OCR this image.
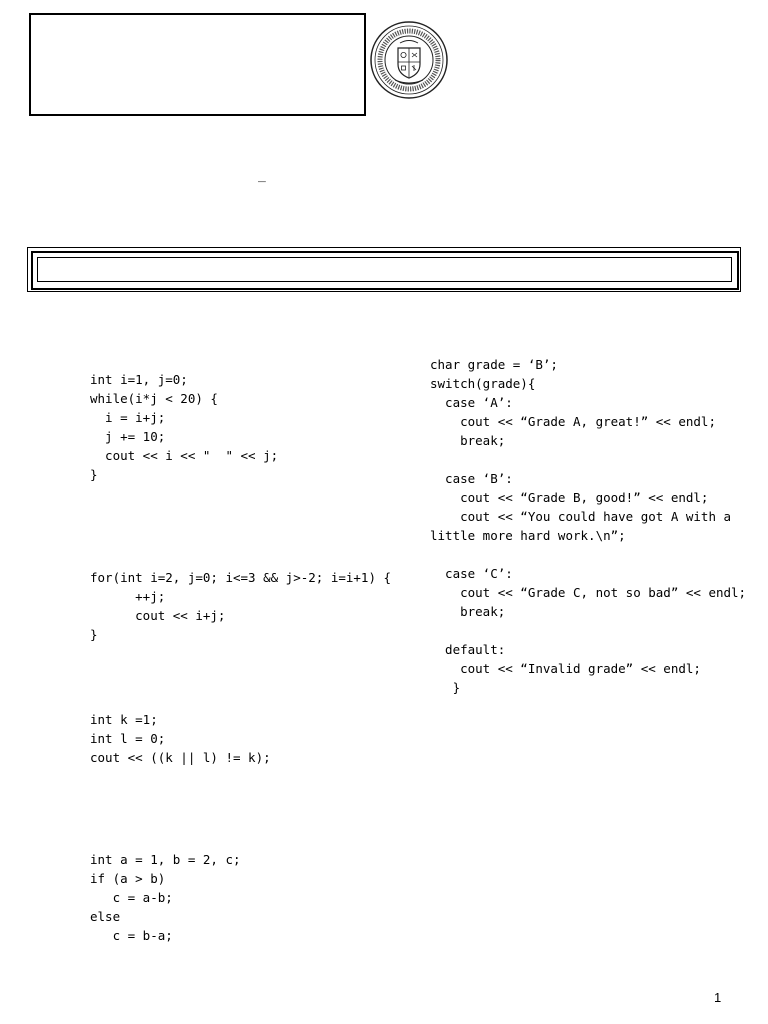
_
int i=1, j=0;
while(i*j < 20) {
i = i+j;
j += 10;
cout << i << "  " << j;
}
for(int i=2, j=0; i<=3 && j>-2; i=i+1) {
++j;
cout << i+j;
}
int k =1;
int l = 0;
cout << ((k || l) != k);
int a = 1, b = 2, c;
if (a > b)
c = a-b;
else
c = b-a;
char grade = ‘B’;
switch(grade){
case ‘A’:
cout << “Grade A, great!” << endl;
break;

case ‘B’:
cout << “Grade B, good!” << endl;
cout << “You could have got A with a
little more hard work.\n”;

case ‘C’:
cout << “Grade C, not so bad” << endl;
break;

default:
cout << “Invalid grade” << endl;
}
1
